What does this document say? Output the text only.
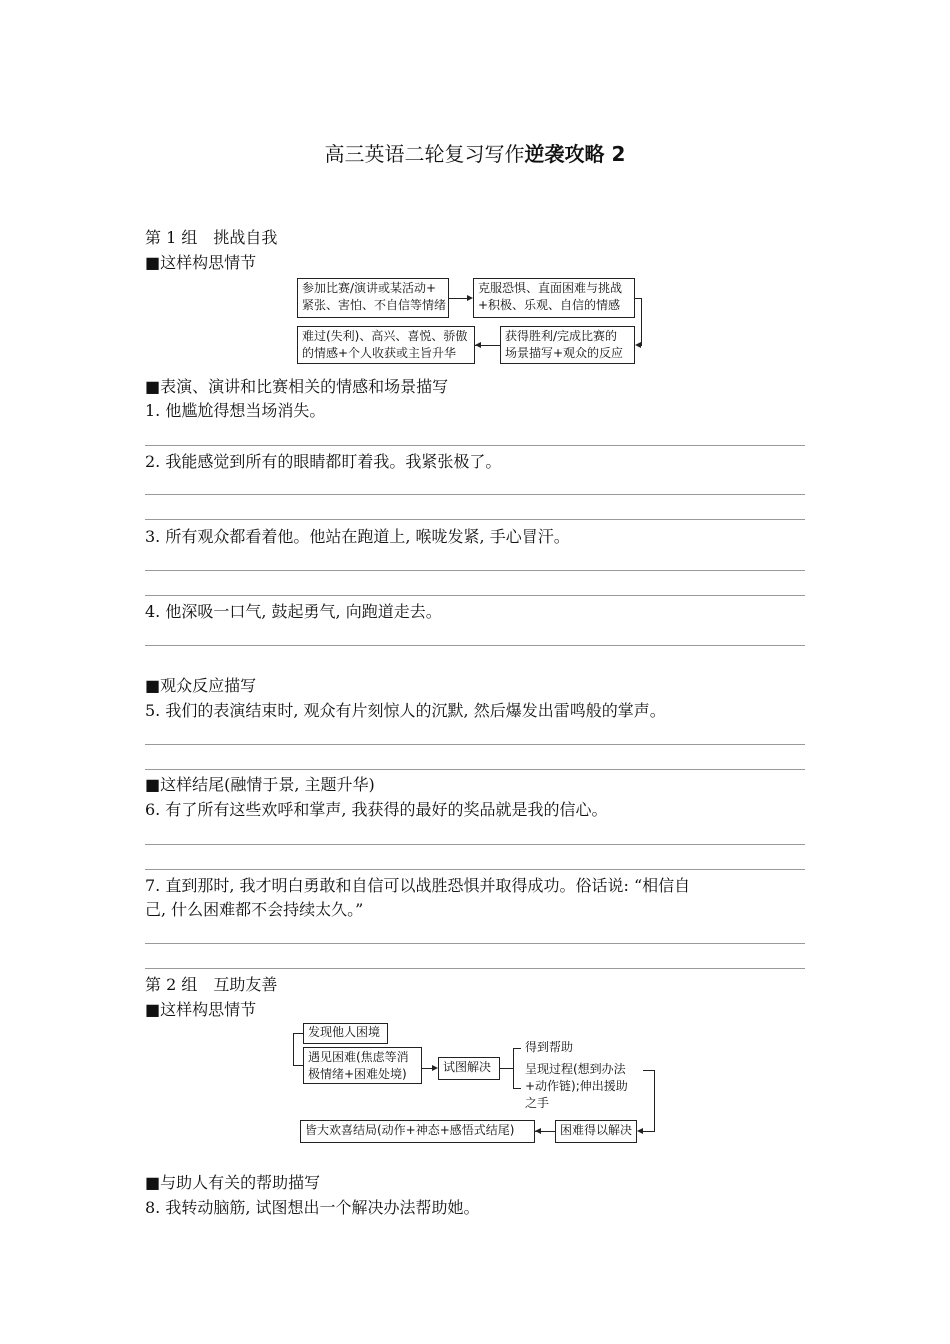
高三英语二轮复习写作逆袭攻略 2
第 1 组　挑战自我
■这样构思情节
参加比赛/演讲或某活动+
紧张、害怕、不自信等情绪
克服恐惧、直面困难与挑战
+积极、乐观、自信的情感
获得胜利/完成比赛的
场景描写+观众的反应
难过(失利)、高兴、喜悦、骄傲
的情感+个人收获或主旨升华
■表演、演讲和比赛相关的情感和场景描写
1. 他尴尬得想当场消失。
2. 我能感觉到所有的眼睛都盯着我。我紧张极了。
3. 所有观众都看着他。他站在跑道上, 喉咙发紧, 手心冒汗。
4. 他深吸一口气, 鼓起勇气, 向跑道走去。
■观众反应描写
5. 我们的表演结束时, 观众有片刻惊人的沉默, 然后爆发出雷鸣般的掌声。
■这样结尾(融情于景, 主题升华)
6. 有了所有这些欢呼和掌声, 我获得的最好的奖品就是我的信心。
7. 直到那时, 我才明白勇敢和自信可以战胜恐惧并取得成功。俗话说: “相信自
己, 什么困难都不会持续太久。”
第 2 组　互助友善
■这样构思情节
发现他人困境
遇见困难(焦虑等消
极情绪+困难处境)	试图解决
得到帮助
呈现过程(想到办法
+动作链);伸出援助
之手
困难得以解决
皆大欢喜结局(动作+神态+感悟式结尾)
■与助人有关的帮助描写
8. 我转动脑筋, 试图想出一个解决办法帮助她。
